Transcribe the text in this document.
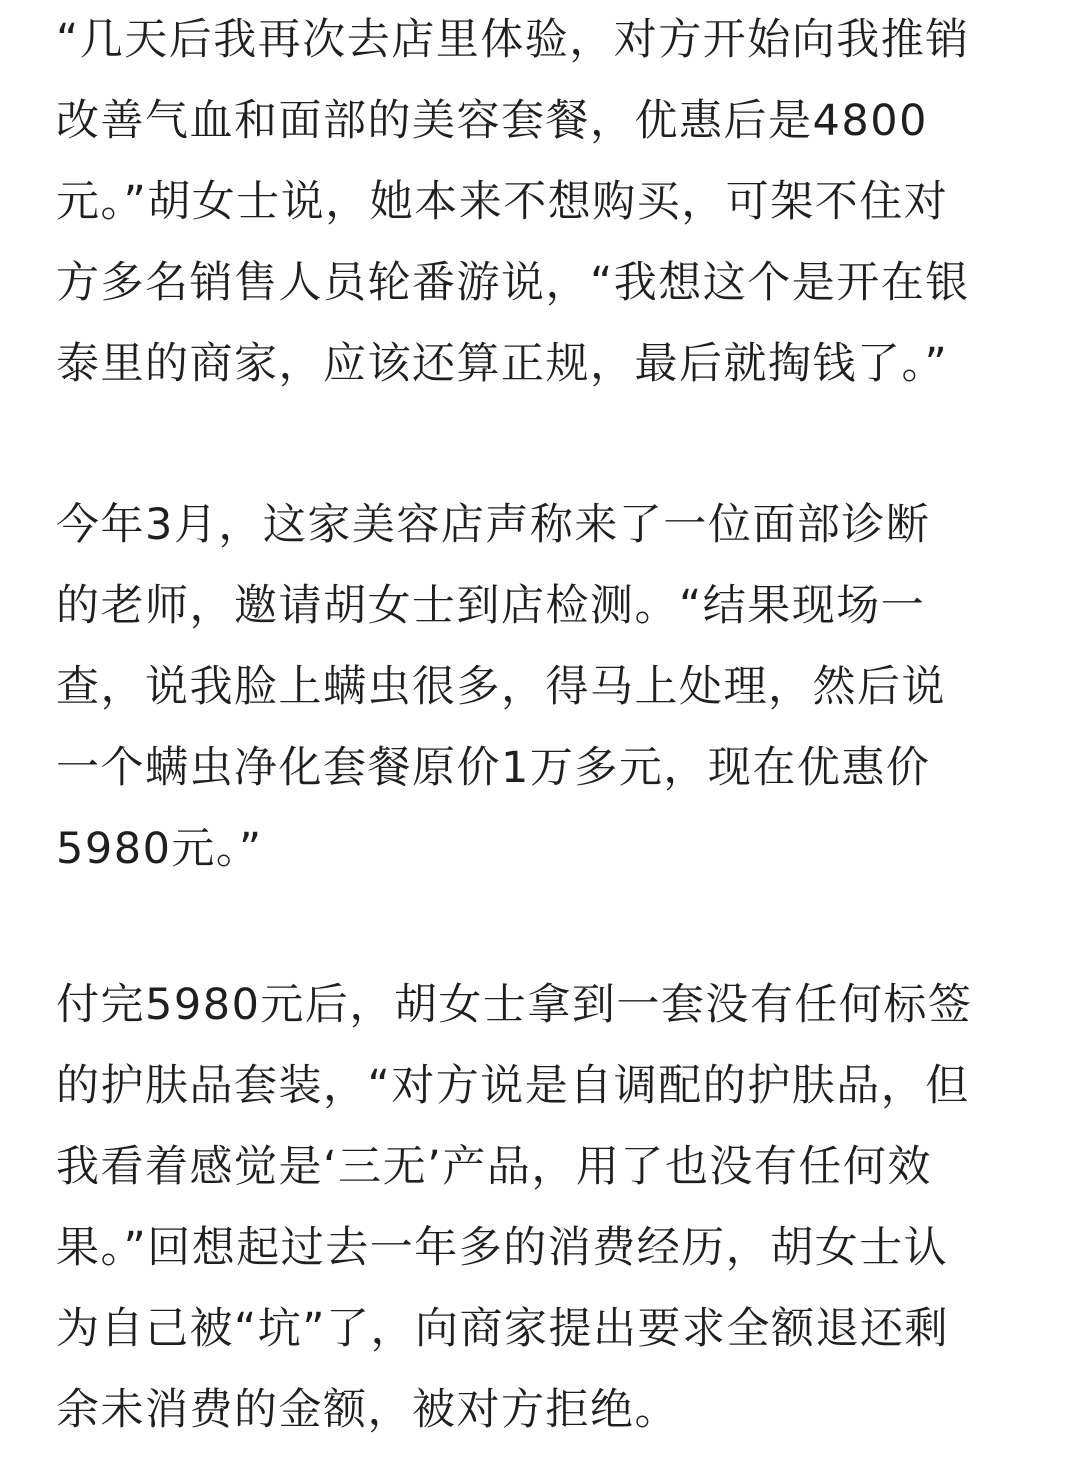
“几天后我再次去店里体验，对方开始向我推销
改善气血和面部的美容套餐，优惠后是4800
元。”胡女士说，她本来不想购买，可架不住对
方多名销售人员轮番游说，“我想这个是开在银
泰里的商家，应该还算正规，最后就掏钱了。”
今年3月，这家美容店声称来了一位面部诊断
的老师，邀请胡女士到店检测。“结果现场一
查，说我脸上螨虫很多，得马上处理，然后说
一个螨虫净化套餐原价1万多元，现在优惠价
5980元。”
付完5980元后，胡女士拿到一套没有任何标签
的护肤品套装，“对方说是自调配的护肤品，但
我看着感觉是‘三无’产品，用了也没有任何效
果。”回想起过去一年多的消费经历，胡女士认
为自己被“坑”了，向商家提出要求全额退还剩
余未消费的金额，被对方拒绝。
